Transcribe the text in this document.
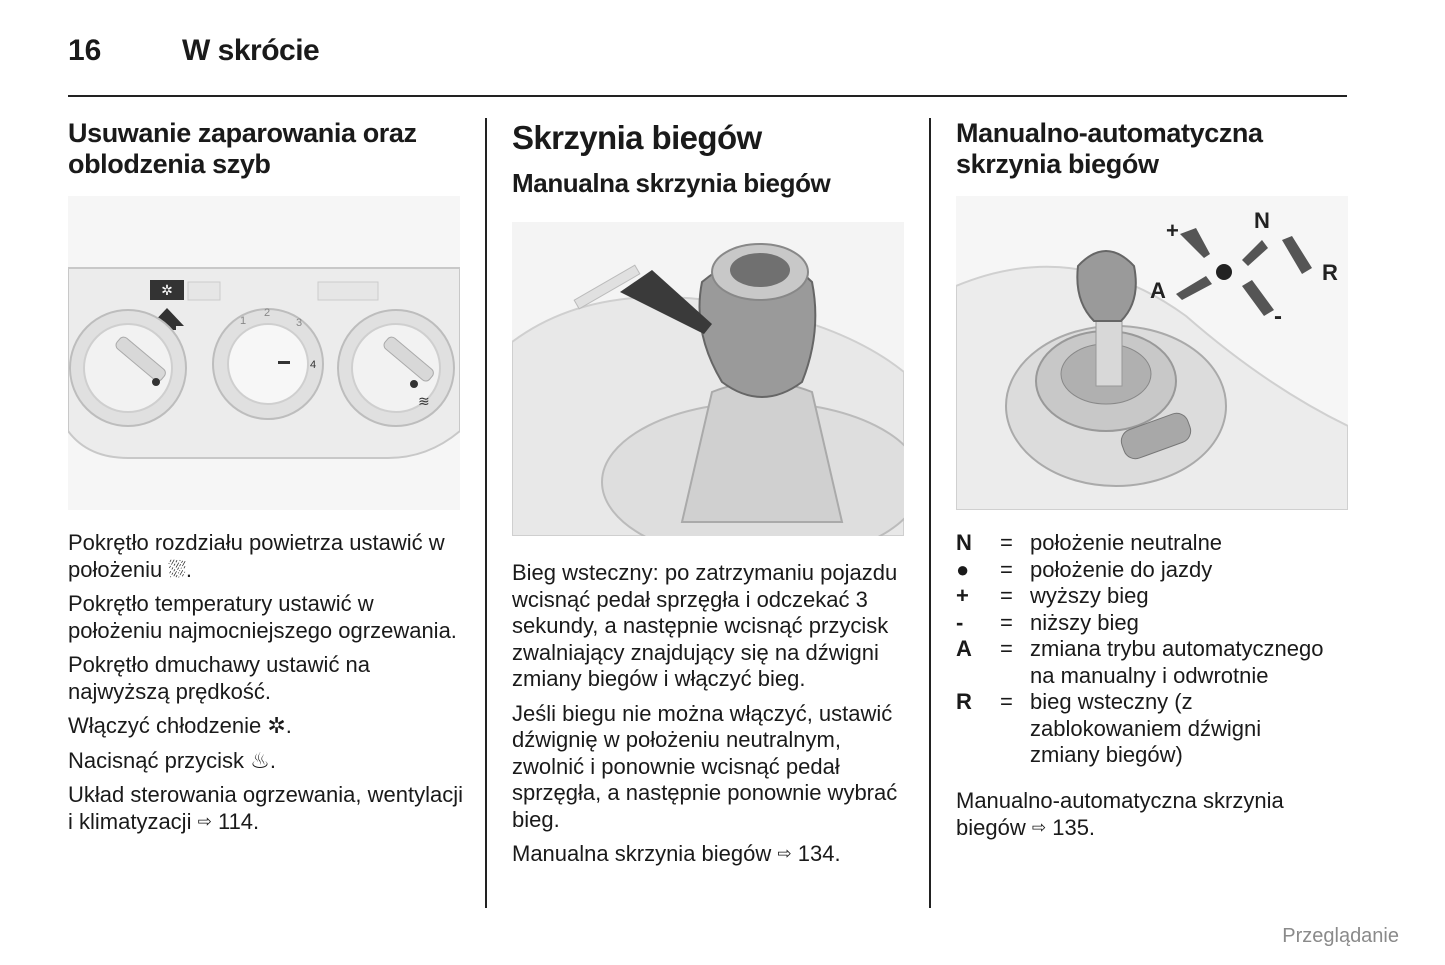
16	W skrócie
Usuwanie zaparowania oraz oblodzenia szyb
✲
1
2
3
4
≋

Pokrętło rozdziału powietrza ustawić w położeniu ⛆.

Pokrętło temperatury ustawić w położeniu najmocniejszego ogrzewania.

Pokrętło dmuchawy ustawić na najwyższą prędkość.

Włączyć chłodzenie ✲.

Nacisnąć przycisk ♨.

Układ sterowania ogrzewania, wentylacji i klimatyzacji ⇨ 114.

Skrzynia biegów
Manualna skrzynia biegów

Bieg wsteczny: po zatrzymaniu pojazdu wcisnąć pedał sprzęgła i odczekać 3 sekundy, a następnie wcisnąć przycisk zwalniający znajdujący się na dźwigni zmiany biegów i włączyć bieg.

Jeśli biegu nie można włączyć, ustawić dźwignię w położeniu neutralnym, zwolnić i ponownie wcisnąć pedał sprzęgła, a następnie ponownie wybrać bieg.

Manualna skrzynia biegów ⇨ 134.

Manualno-automatyczna skrzynia biegów
+	N
R
A
-
N	= położenie neutralne
●	= położenie do jazdy
+	= wyższy bieg
-	= niższy bieg
A	= zmiana trybu automatycznego na manualny i odwrotnie
R	= bieg wsteczny (z zablokowaniem dźwigni zmiany biegów)

Manualno-automatyczna skrzynia biegów ⇨ 135.

Przeglądanie
